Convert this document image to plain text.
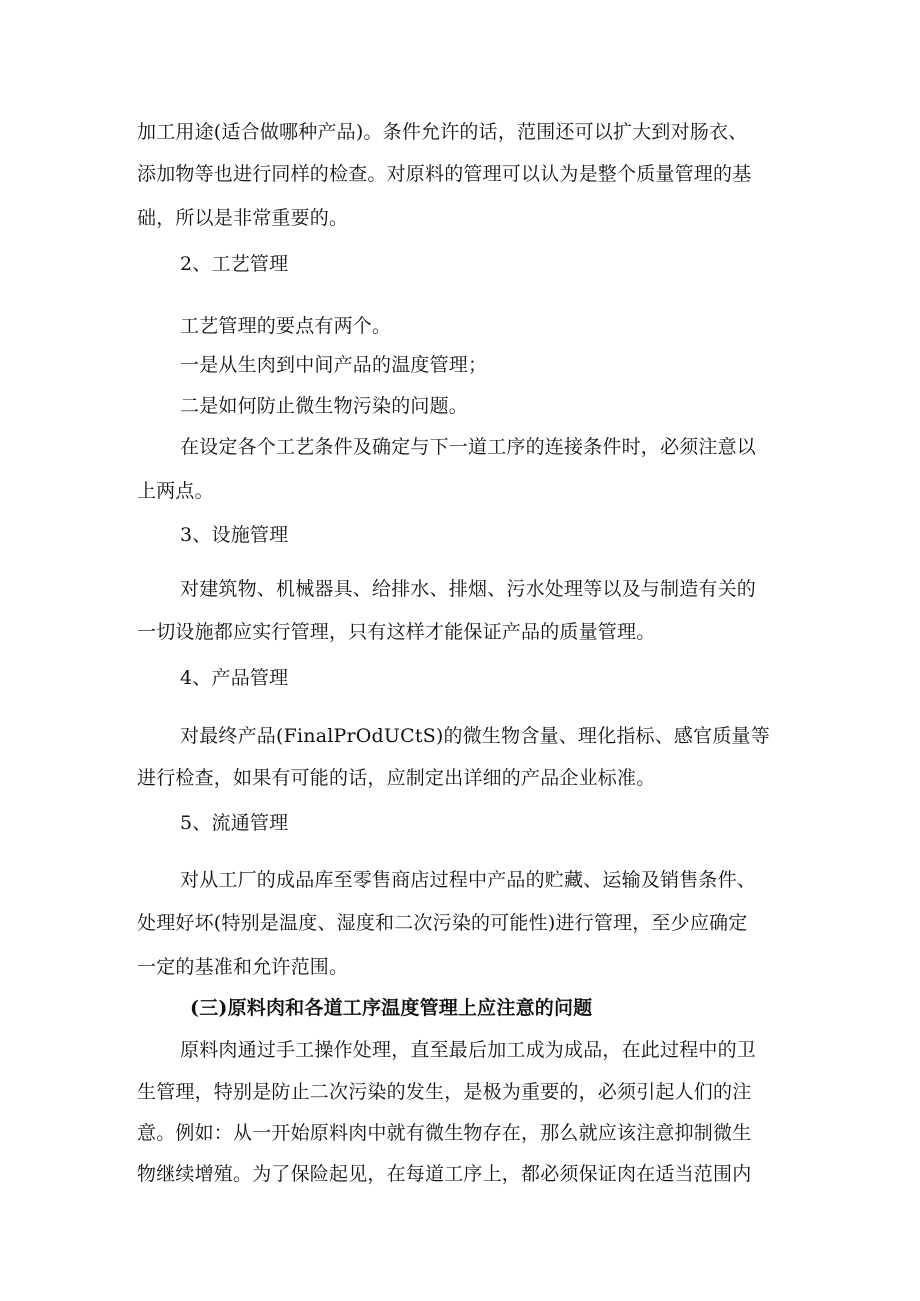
加工用途(适合做哪种产品)。条件允许的话，范围还可以扩大到对肠衣、
添加物等也进行同样的检查。对原料的管理可以认为是整个质量管理的基
础，所以是非常重要的。
2、工艺管理
工艺管理的要点有两个。
一是从生肉到中间产品的温度管理；
二是如何防止微生物污染的问题。
在设定各个工艺条件及确定与下一道工序的连接条件时，必须注意以
上两点。
3、设施管理
对建筑物、机械器具、给排水、排烟、污水处理等以及与制造有关的
一切设施都应实行管理，只有这样才能保证产品的质量管理。
4、产品管理
对最终产品(FinalPrOdUCtS)的微生物含量、理化指标、感官质量等
进行检查，如果有可能的话，应制定出详细的产品企业标准。
5、流通管理
对从工厂的成品库至零售商店过程中产品的贮藏、运输及销售条件、
处理好坏(特别是温度、湿度和二次污染的可能性)进行管理，至少应确定
一定的基准和允许范围。
(三)原料肉和各道工序温度管理上应注意的问题
原料肉通过手工操作处理，直至最后加工成为成品，在此过程中的卫
生管理，特别是防止二次污染的发生，是极为重要的，必须引起人们的注
意。例如：从一开始原料肉中就有微生物存在，那么就应该注意抑制微生
物继续增殖。为了保险起见，在每道工序上，都必须保证肉在适当范围内
